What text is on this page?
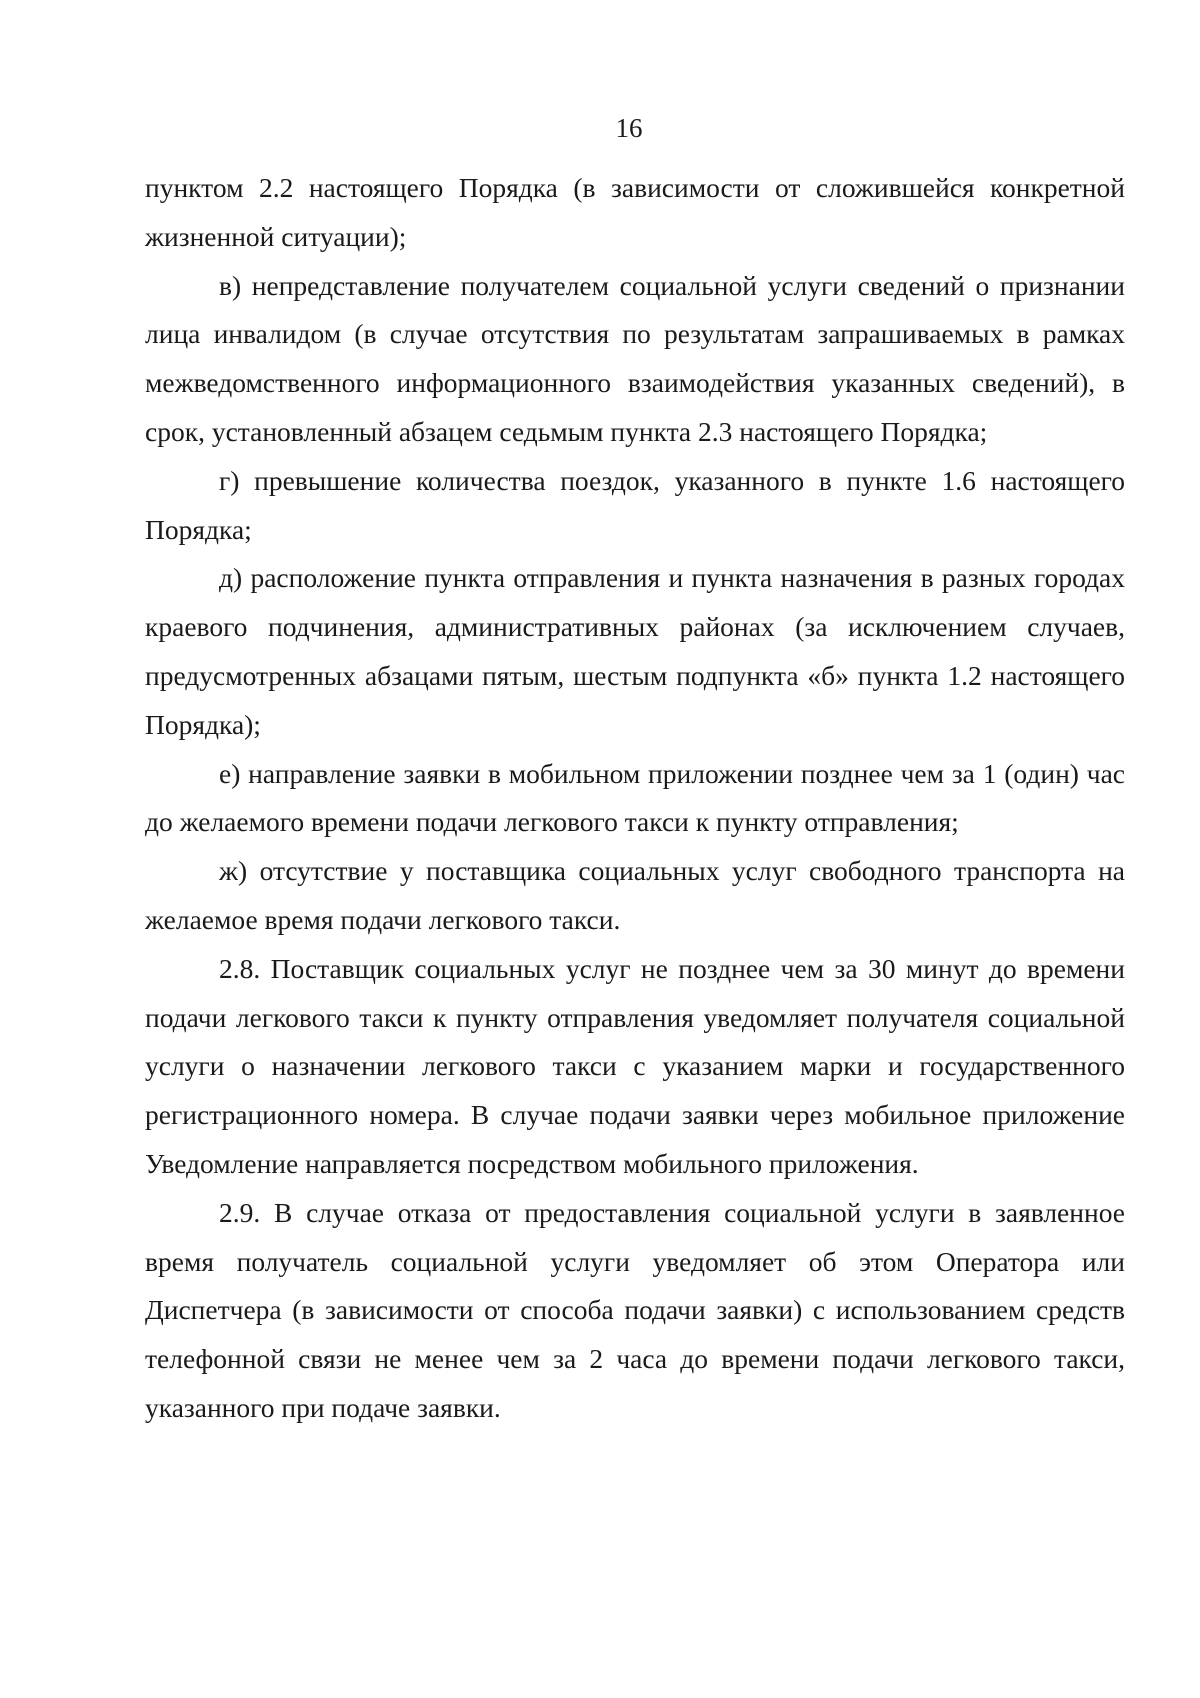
16

пунктом 2.2 настоящего Порядка (в зависимости от сложившейся конкретной жизненной ситуации);

в) непредставление получателем социальной услуги сведений о признании лица инвалидом (в случае отсутствия по результатам запрашиваемых в рамках межведомственного информационного взаимодействия указанных сведений), в срок, установленный абзацем седьмым пункта 2.3 настоящего Порядка;

г) превышение количества поездок, указанного в пункте 1.6 настоящего Порядка;

д) расположение пункта отправления и пункта назначения в разных городах краевого подчинения, административных районах (за исключением случаев, предусмотренных абзацами пятым, шестым подпункта «б» пункта 1.2 настоящего Порядка);

е) направление заявки в мобильном приложении позднее чем за 1 (один) час до желаемого времени подачи легкового такси к пункту отправления;

ж) отсутствие у поставщика социальных услуг свободного транспорта на желаемое время подачи легкового такси.

2.8. Поставщик социальных услуг не позднее чем за 30 минут до времени подачи легкового такси к пункту отправления уведомляет получателя социальной услуги о назначении легкового такси с указанием марки и государственного регистрационного номера. В случае подачи заявки через мобильное приложение Уведомление направляется посредством мобильного приложения.

2.9. В случае отказа от предоставления социальной услуги в заявленное время получатель социальной услуги уведомляет об этом Оператора или Диспетчера (в зависимости от способа подачи заявки) с использованием средств телефонной связи не менее чем за 2 часа до времени подачи легкового такси, указанного при подаче заявки.
